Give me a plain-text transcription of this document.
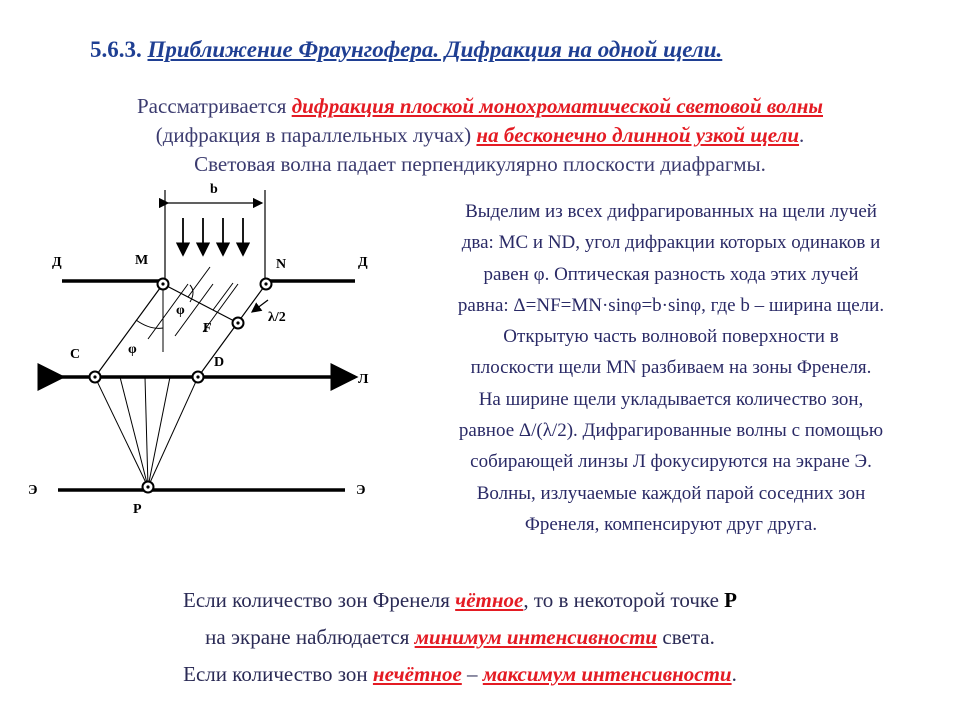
5.6.3. Приближение Фраунгофера. Дифракция на одной щели.
Рассматривается дифракция плоской монохроматической световой волны
(дифракция в параллельных лучах) на бесконечно длинной узкой щели.
Световая волна падает перпендикулярно плоскости диафрагмы.
b
Д	Д
M	N
φ
F
λ/2
φ
C
D
Л	Л
Э	Э
P
Выделим из всех дифрагированных на щели лучей
два: MC и ND, угол дифракции которых одинаков и
равен φ. Оптическая разность хода этих лучей
равна: Δ=NF=MN·sinφ=b·sinφ, где b – ширина щели.
Открытую часть волновой поверхности в
плоскости щели MN разбиваем на зоны Френеля.
На ширине щели укладывается количество зон,
равное Δ/(λ/2). Дифрагированные волны с помощью
собирающей линзы Л фокусируются на экране Э.
Волны, излучаемые каждой парой соседних зон
Френеля, компенсируют друг друга.
Если количество зон Френеля чётное, то в некоторой точке P
на экране наблюдается минимум интенсивности света.
Если количество зон нечётное – максимум интенсивности.
